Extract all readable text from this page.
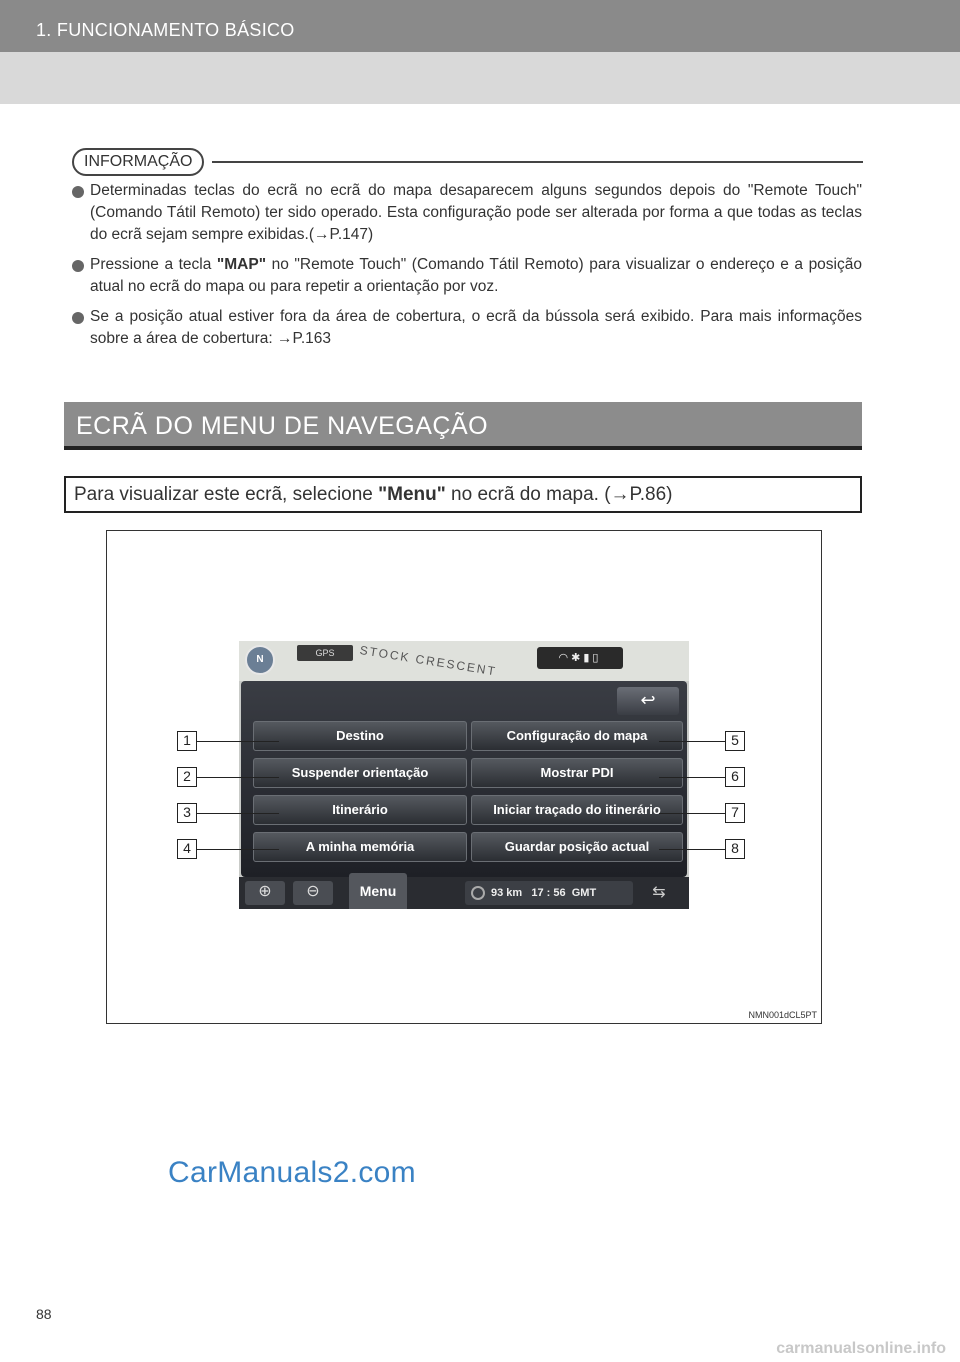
1. FUNCIONAMENTO BÁSICO
INFORMAÇÃO
Determinadas teclas do ecrã no ecrã do mapa desaparecem alguns segundos depois do "Remote Touch" (Comando Tátil Remoto) ter sido operado. Esta configuração pode ser alterada por forma a que todas as teclas do ecrã sejam sempre exibidas.(→P.147)
Pressione a tecla "MAP" no "Remote Touch" (Comando Tátil Remoto) para visualizar o endereço e a posição atual no ecrã do mapa ou para repetir a orientação por voz.
Se a posição atual estiver fora da área de cobertura, o ecrã da bússola será exibido. Para mais informações sobre a área de cobertura: →P.163
ECRÃ DO MENU DE NAVEGAÇÃO
Para visualizar este ecrã, selecione "Menu" no ecrã do mapa. (→P.86)
N
GPS	STOCK CRESCENT	◠✱▮▯
↩
Destino
Suspender orientação
Itinerário
A minha memória
Configuração do mapa
Mostrar PDI
Iniciar traçado do itinerário
Guardar posição actual
⊕	⊖	Menu	93 km 17 : 56 GMT	⇆
1
2
3
4
5
6
7
8
NMN001dCL5PT
CarManuals2.com
88
carmanualsonline.info
